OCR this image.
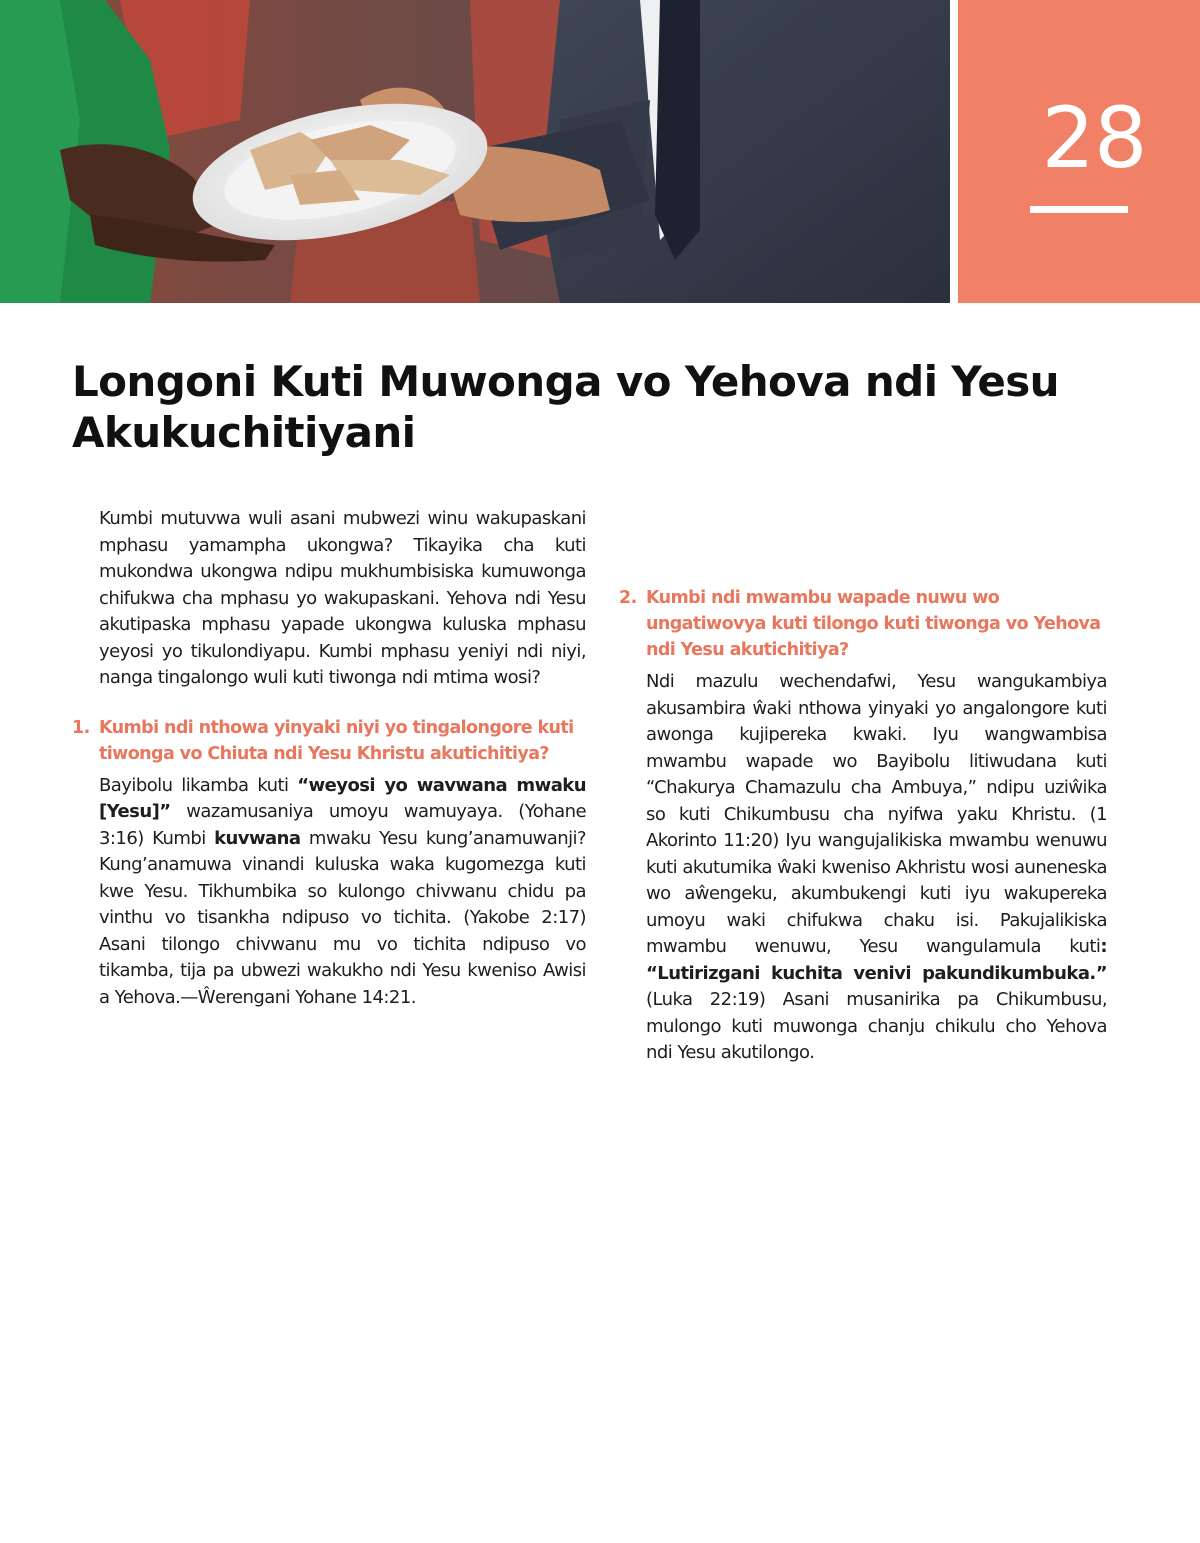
28
Longoni Kuti Muwonga vo Yehova ndi Yesu Akukuchitiyani

Kumbi mutuvwa wuli asani mubwezi winu wakupaskani mphasu yamampha ukongwa? Tikayika cha kuti mukondwa ukongwa ndipu mukhumbisiska kumuwonga chifukwa cha mphasu yo wakupaskani. Yehova ndi Yesu akutipaska mphasu yapade ukongwa kuluska mphasu yeyosi yo tikulondiyapu. Kumbi mphasu yeniyi ndi niyi, nanga tingalongo wuli kuti tiwonga ndi mtima wosi?

1. Kumbi ndi nthowa yinyaki niyi yo tingalongore kuti tiwonga vo Chiuta ndi Yesu Khristu akutichitiya?

Bayibolu likamba kuti “weyosi yo wavwana mwaku [Yesu]” wazamusaniya umoyu wamuyaya. (Yohane 3:16) Kumbi kuvwana mwaku Yesu kung’anamuwanji? Kung’anamuwa vinandi kuluska waka kugomezga kuti kwe Yesu. Tikhumbika so kulongo chivwanu chidu pa vinthu vo tisankha ndipuso vo tichita. (Yakobe 2:17) Asani tilongo chivwanu mu vo tichita ndipuso vo tikamba, tija pa ubwezi wakukho ndi Yesu kweniso Awisi a Yehova.—Ŵerengani Yohane 14:21.

2. Kumbi ndi mwambu wapade nuwu wo ungatiwovya kuti tilongo kuti tiwonga vo Yehova ndi Yesu akutichitiya?

Ndi mazulu wechendafwi, Yesu wangukambiya akusambira ŵaki nthowa yinyaki yo angalongore kuti awonga kujipereka kwaki. Iyu wangwambisa mwambu wapade wo Bayibolu litiwudana kuti “Chakurya Chamazulu cha Ambuya,” ndipu uziŵika so kuti Chikumbusu cha nyifwa yaku Khristu. (1 Akorinto 11:20) Iyu wangujalikiska mwambu wenuwu kuti akutumika ŵaki kweniso Akhristu wosi auneneska wo aŵengeku, akumbukengi kuti iyu wakupereka umoyu waki chifukwa chaku isi. Pakujalikiska mwambu wenuwu, Yesu wangulamula kuti: “Lutirizgani kuchita venivi pakundikumbuka.” (Luka 22:19) Asani musanirika pa Chikumbusu, mulongo kuti muwonga chanju chikulu cho Yehova ndi Yesu akutilongo.
